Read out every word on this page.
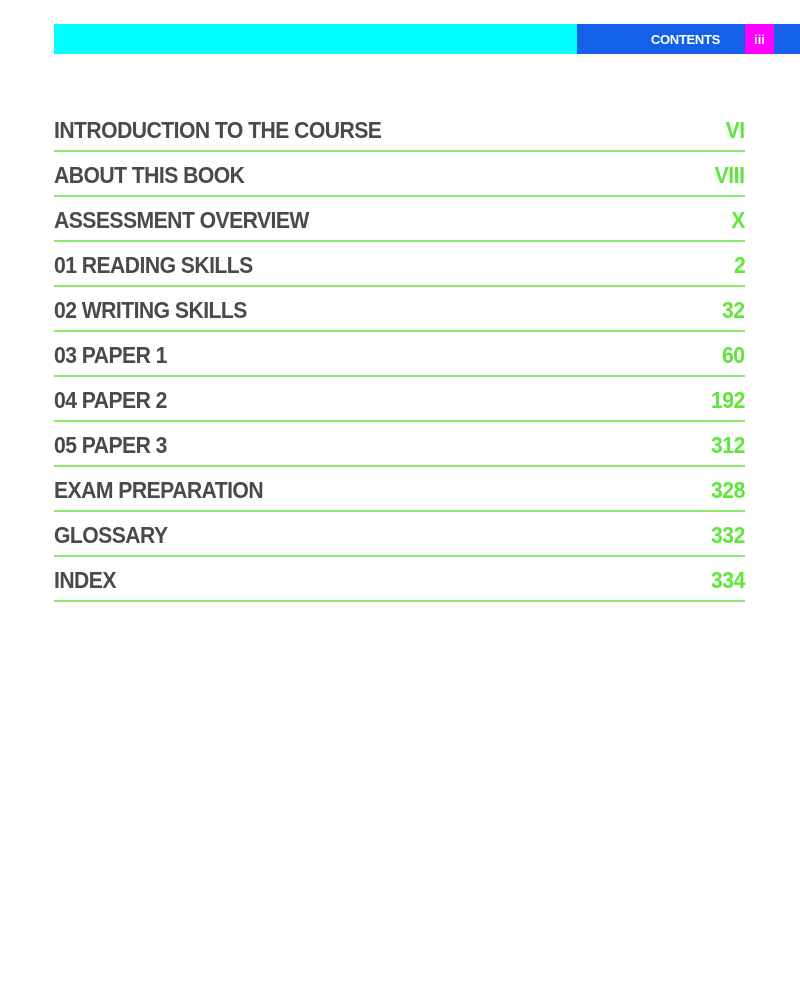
CONTENTS	iii
INTRODUCTION TO THE COURSE	VI
ABOUT THIS BOOK	VIII
ASSESSMENT OVERVIEW	X
01 READING SKILLS	2
02 WRITING SKILLS	32
03 PAPER 1	60
04 PAPER 2	192
05 PAPER 3	312
EXAM PREPARATION	328
GLOSSARY	332
INDEX	334
